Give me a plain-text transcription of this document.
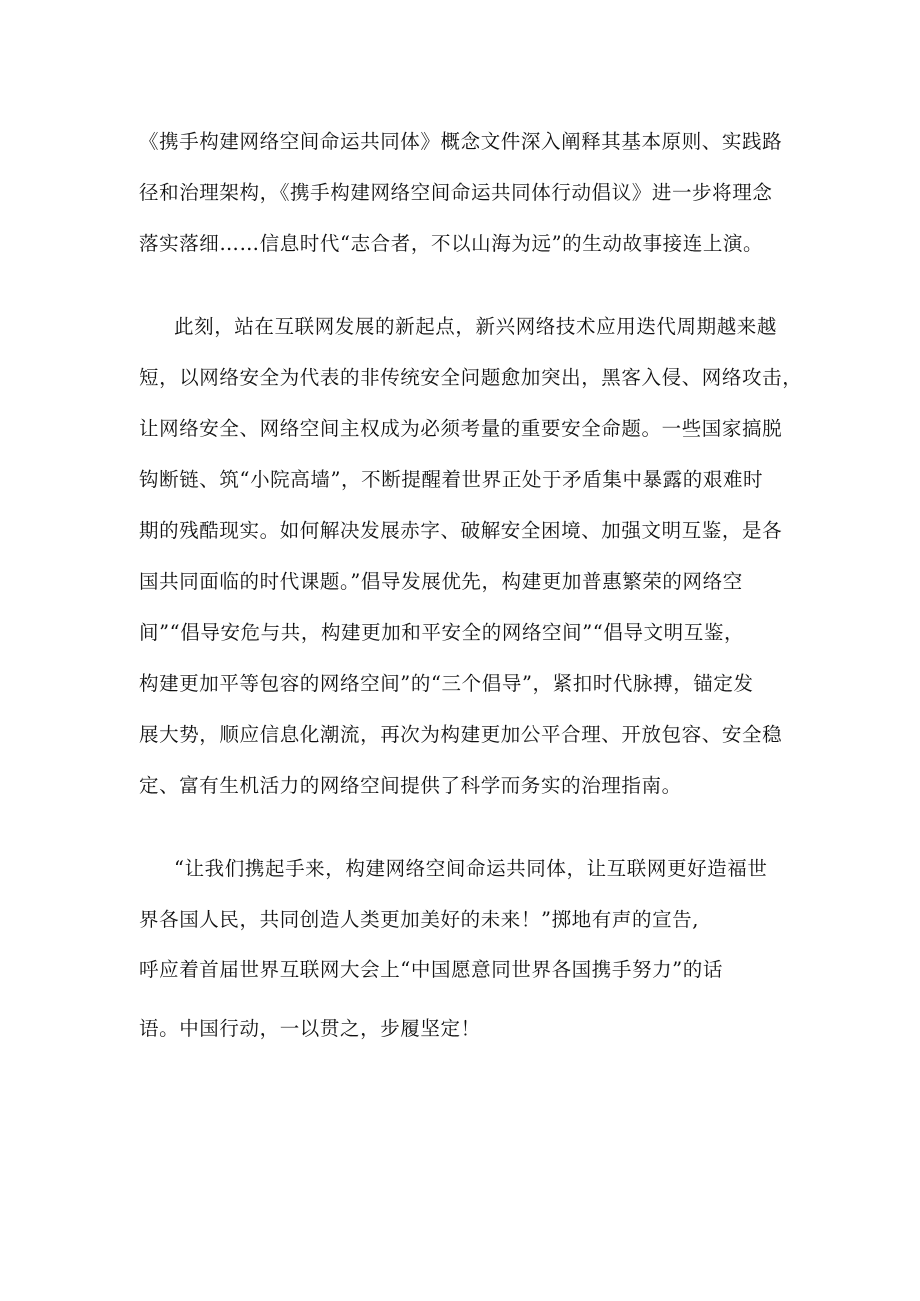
《携手构建网络空间命运共同体》概念文件深入阐释其基本原则、实践路
径和治理架构，《携手构建网络空间命运共同体行动倡议》进一步将理念
落实落细……信息时代“志合者，不以山海为远”的生动故事接连上演。
此刻，站在互联网发展的新起点，新兴网络技术应用迭代周期越来越
短，以网络安全为代表的非传统安全问题愈加突出，黑客入侵、网络攻击，
让网络安全、网络空间主权成为必须考量的重要安全命题。一些国家搞脱
钩断链、筑“小院高墙”，不断提醒着世界正处于矛盾集中暴露的艰难时
期的残酷现实。如何解决发展赤字、破解安全困境、加强文明互鉴，是各
国共同面临的时代课题。”倡导发展优先，构建更加普惠繁荣的网络空
间”“倡导安危与共，构建更加和平安全的网络空间”“倡导文明互鉴，
构建更加平等包容的网络空间”的“三个倡导”，紧扣时代脉搏，锚定发
展大势，顺应信息化潮流，再次为构建更加公平合理、开放包容、安全稳
定、富有生机活力的网络空间提供了科学而务实的治理指南。
“让我们携起手来，构建网络空间命运共同体，让互联网更好造福世
界各国人民，共同创造人类更加美好的未来！”掷地有声的宣告,
呼应着首届世界互联网大会上“中国愿意同世界各国携手努力”的话
语。中国行动，一以贯之，步履坚定！
